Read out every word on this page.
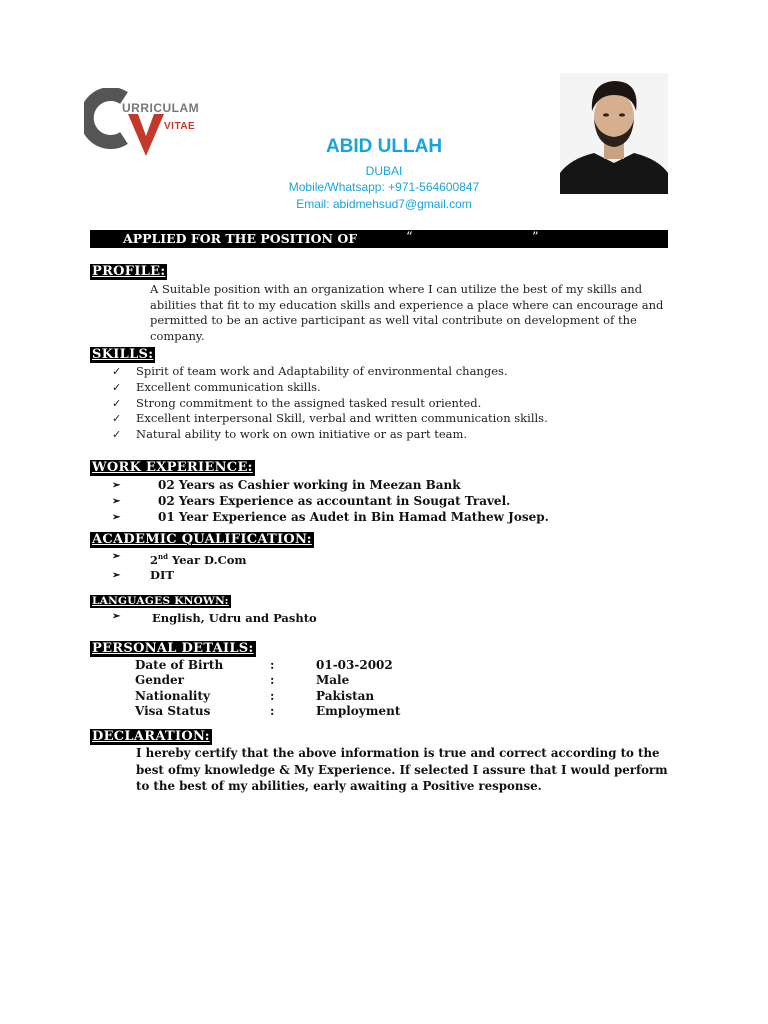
URRICULAM
VITAE
ABID ULLAH
DUBAI
Mobile/Whatsapp: +971-564600847
Email: abidmehsud7@gmail.com
APPLIED FOR THE POSITION OF	“	”
PROFILE:
A Suitable position with an organization where I can utilize the best of my skills and abilities that fit to my education skills and experience a place where can encourage and permitted to be an active participant as well vital contribute on development of the company.
SKILLS:
✓ Spirit of team work and Adaptability of environmental changes.
✓ Excellent communication skills.
✓ Strong commitment to the assigned tasked result oriented.
✓ Excellent interpersonal Skill, verbal and written communication skills.
✓ Natural ability to work on own initiative or as part team.
WORK EXPERIENCE:
➢	02 Years as Cashier working in Meezan Bank
➢	02 Years Experience as accountant in Sougat Travel.
➢	01 Year Experience as Audet in Bin Hamad Mathew Josep.
ACADEMIC QUALIFICATION:
➢	2nd Year D.Com
➢	DIT
LANGUAGES KNOWN:
➢	English, Udru and Pashto
PERSONAL DETAILS:
Date of Birth	:	01-03-2002
Gender	:	Male
Nationality	:	Pakistan
Visa Status	:	Employment
DECLARATION:
I hereby certify that the above information is true and correct according to the best ofmy knowledge & My Experience. If selected I assure that I would perform to the best of my abilities, early awaiting a Positive response.
